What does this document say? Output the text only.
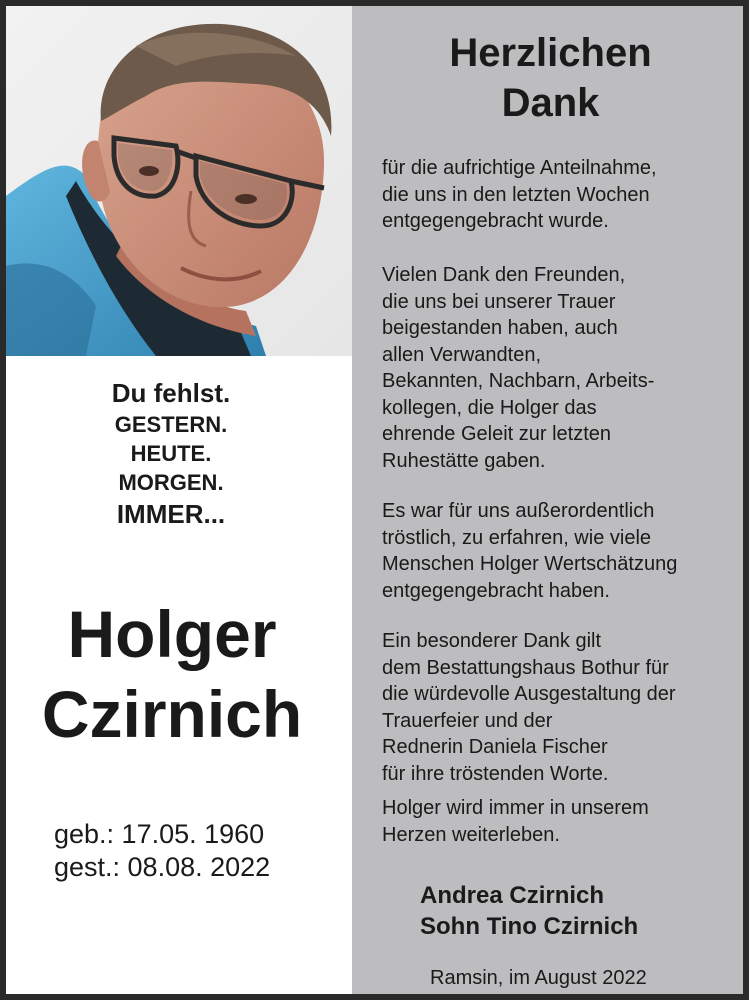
Du fehlst.
GESTERN.
HEUTE.
MORGEN.
IMMER...
Holger
Czirnich
geb.: 17.05. 1960
gest.: 08.08. 2022
Herzlichen
Dank
für die aufrichtige Anteilnahme,
die uns in den letzten Wochen
entgegengebracht wurde.
Vielen Dank den Freunden,
die uns bei unserer Trauer
beigestanden haben, auch
allen Verwandten,
Bekannten, Nachbarn, Arbeits-
kollegen, die Holger das
ehrende Geleit zur letzten
Ruhestätte gaben.
Es war für uns außerordentlich
tröstlich, zu erfahren, wie viele
Menschen Holger Wertschätzung
entgegengebracht haben.
Ein besonderer Dank gilt
dem Bestattungshaus Bothur für
die würdevolle Ausgestaltung der
Trauerfeier und der
Rednerin Daniela Fischer
für ihre tröstenden Worte.
Holger wird immer in unserem
Herzen weiterleben.
Andrea Czirnich
Sohn Tino Czirnich
Ramsin, im August 2022
